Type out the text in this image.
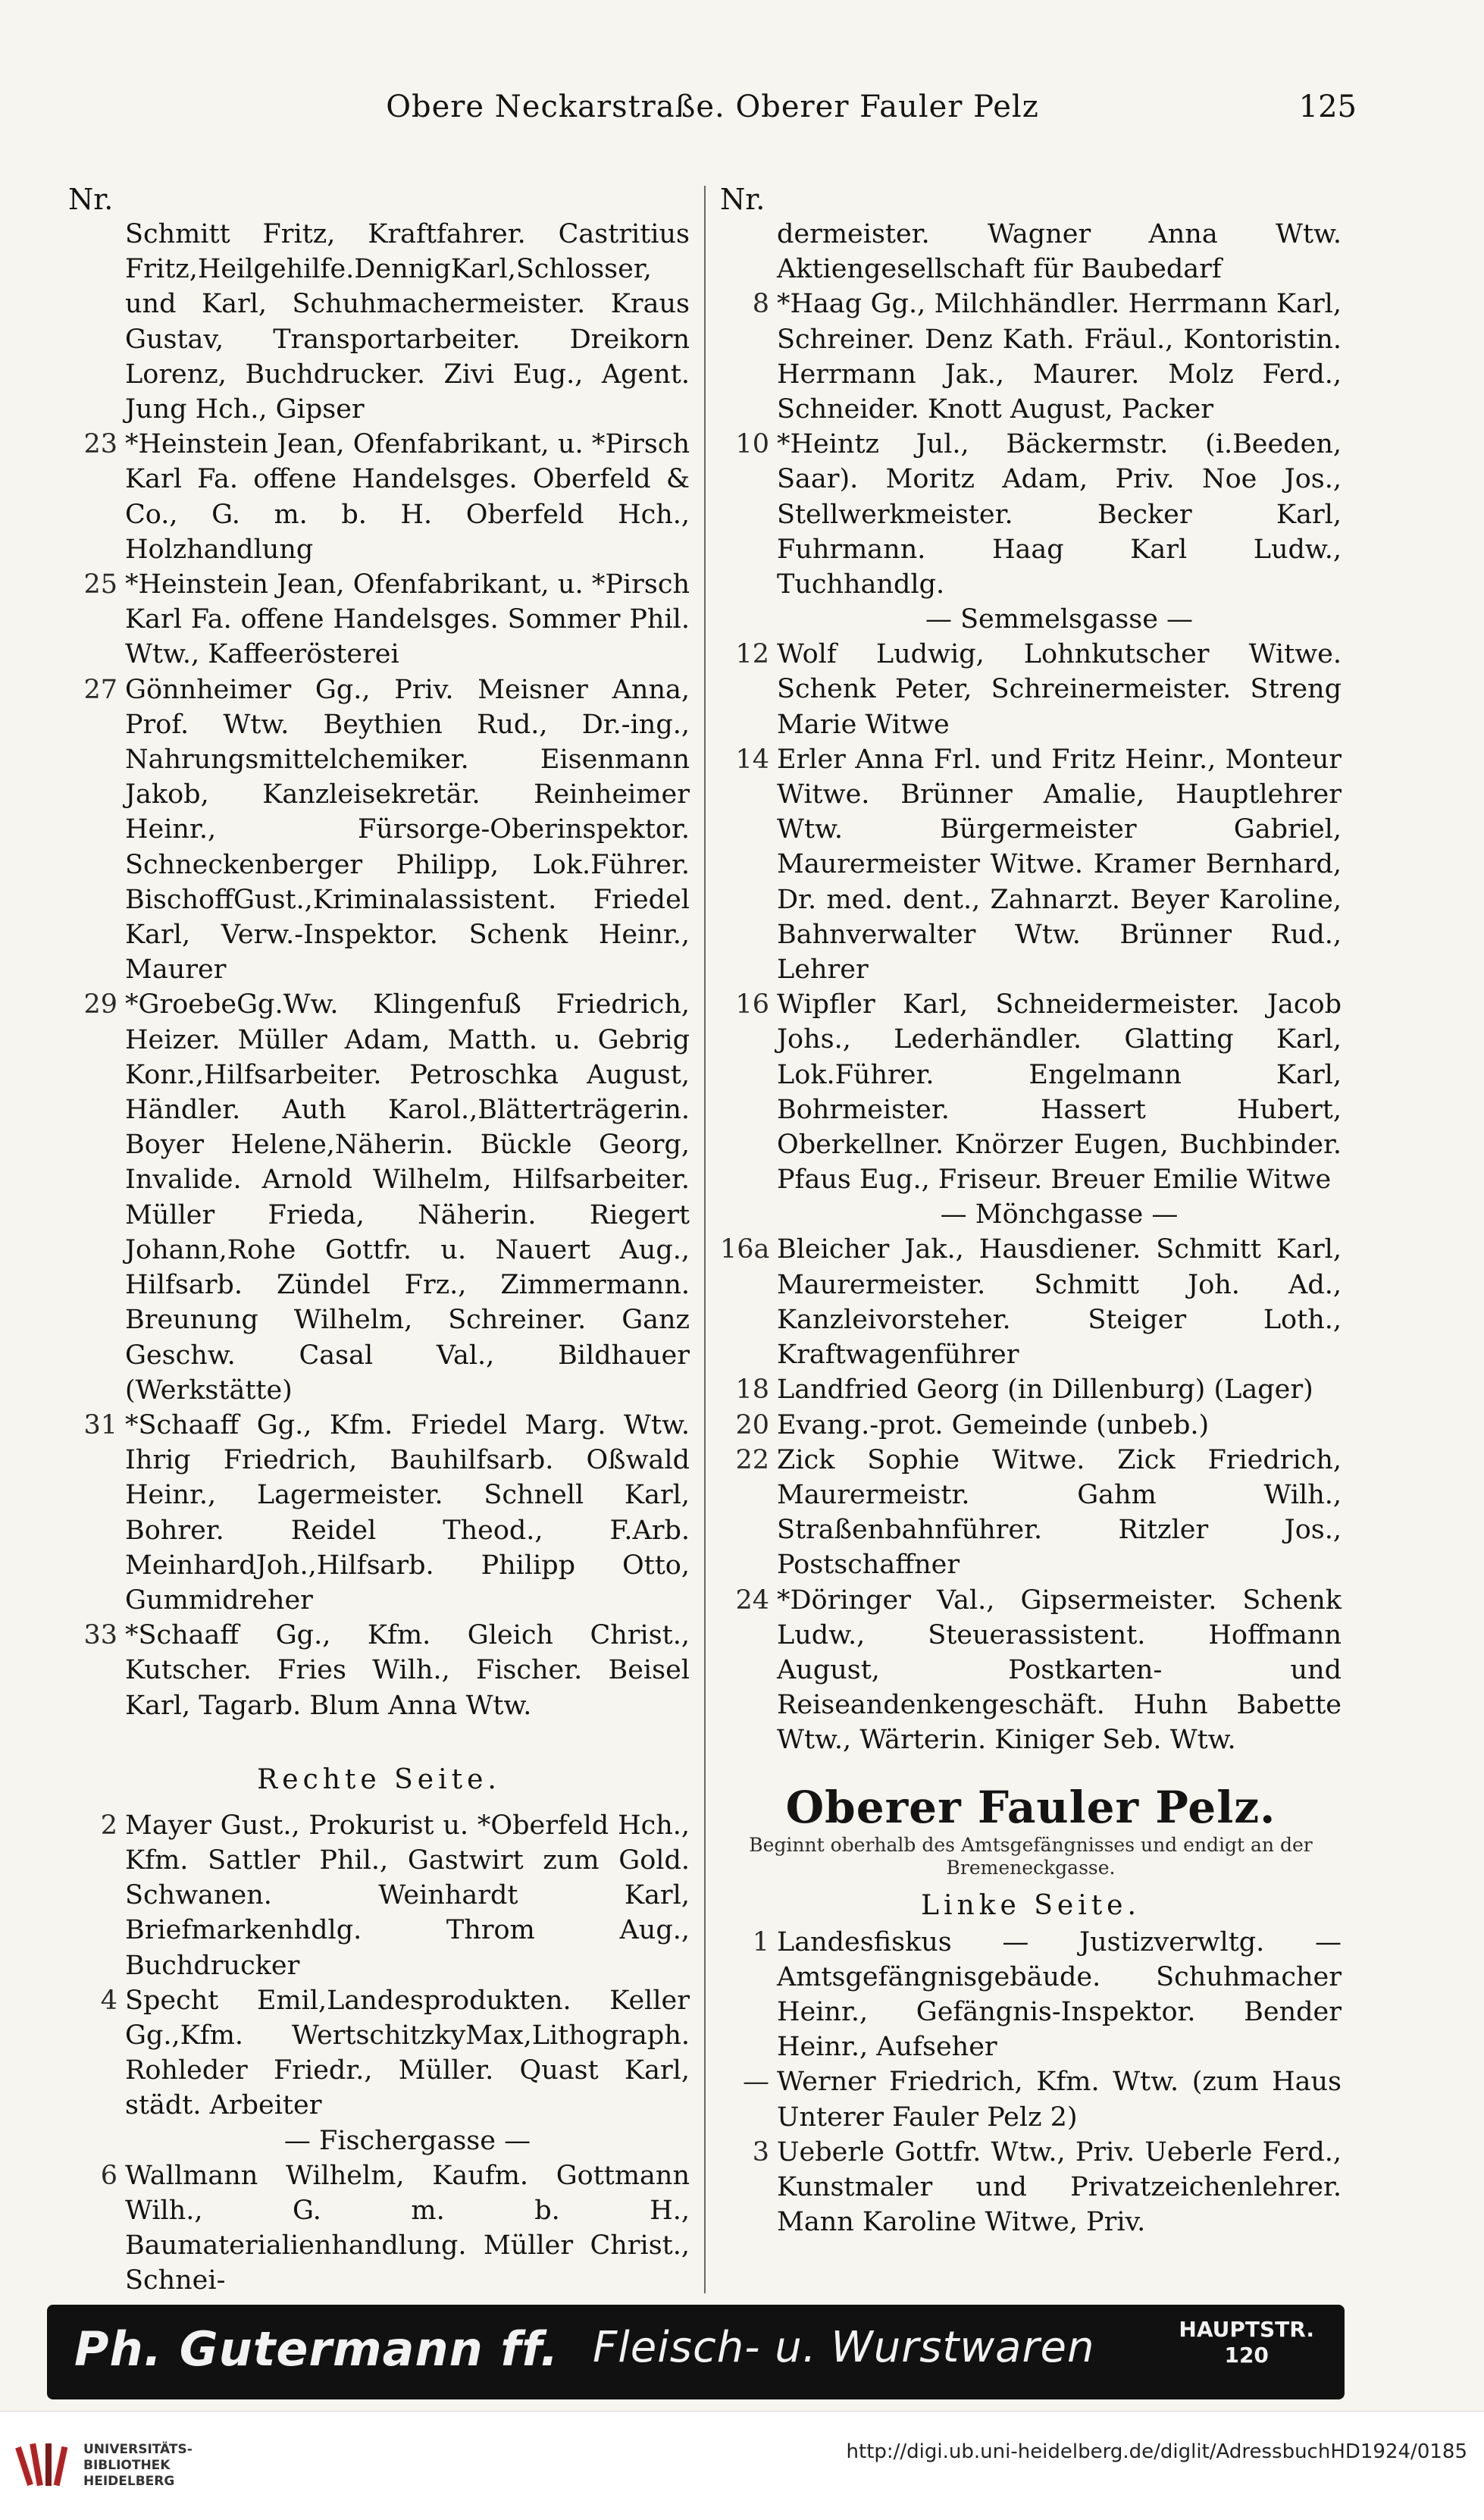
Obere Neckarstraße. Oberer Fauler Pelz	125
Nr.
Schmitt Fritz, Kraftfahrer. Castritius Fritz,Heilgehilfe.DennigKarl,Schlosser, und Karl, Schuhmachermeister. Kraus Gustav, Transportarbeiter. Dreikorn Lorenz, Buchdrucker. Zivi Eug., Agent. Jung Hch., Gipser
23 *Heinstein Jean, Ofenfabrikant, u. *Pirsch Karl Fa. offene Handelsges. Oberfeld & Co., G. m. b. H. Oberfeld Hch., Holzhandlung
25 *Heinstein Jean, Ofenfabrikant, u. *Pirsch Karl Fa. offene Handelsges. Sommer Phil. Wtw., Kaffeerösterei
27 Gönnheimer Gg., Priv. Meisner Anna, Prof. Wtw. Beythien Rud., Dr.-ing., Nahrungsmittelchemiker. Eisenmann Jakob, Kanzleisekretär. Reinheimer Heinr., Fürsorge-Oberinspektor. Schneckenberger Philipp, Lok.Führer. BischoffGust.,Kriminalassistent. Friedel Karl, Verw.-Inspektor. Schenk Heinr., Maurer
29 *GroebeGg.Ww. Klingenfuß Friedrich, Heizer. Müller Adam, Matth. u. Gebrig Konr.,Hilfsarbeiter. Petroschka August, Händler. Auth Karol.,Blätterträgerin. Boyer Helene,Näherin. Bückle Georg, Invalide. Arnold Wilhelm, Hilfsarbeiter. Müller Frieda, Näherin. Riegert Johann,Rohe Gottfr. u. Nauert Aug., Hilfsarb. Zündel Frz., Zimmermann. Breunung Wilhelm, Schreiner. Ganz Geschw. Casal Val., Bildhauer (Werkstätte)
31 *Schaaff Gg., Kfm. Friedel Marg. Wtw. Ihrig Friedrich, Bauhilfsarb. Oßwald Heinr., Lagermeister. Schnell Karl, Bohrer. Reidel Theod., F.Arb. MeinhardJoh.,Hilfsarb. Philipp Otto, Gummidreher
33 *Schaaff Gg., Kfm. Gleich Christ., Kutscher. Fries Wilh., Fischer. Beisel Karl, Tagarb. Blum Anna Wtw.
Rechte Seite.
2 Mayer Gust., Prokurist u. *Oberfeld Hch., Kfm. Sattler Phil., Gastwirt zum Gold. Schwanen. Weinhardt Karl, Briefmarkenhdlg. Throm Aug., Buchdrucker
4 Specht Emil,Landesprodukten. Keller Gg.,Kfm. WertschitzkyMax,Lithograph. Rohleder Friedr., Müller. Quast Karl, städt. Arbeiter
— Fischergasse —
6 Wallmann Wilhelm, Kaufm. Gottmann Wilh., G. m. b. H., Baumaterialienhandlung. Müller Christ., Schnei-
Nr.
dermeister. Wagner Anna Wtw. Aktiengesellschaft für Baubedarf
8 *Haag Gg., Milchhändler. Herrmann Karl, Schreiner. Denz Kath. Fräul., Kontoristin. Herrmann Jak., Maurer. Molz Ferd., Schneider. Knott August, Packer
10 *Heintz Jul., Bäckermstr. (i.Beeden, Saar). Moritz Adam, Priv. Noe Jos., Stellwerkmeister. Becker Karl, Fuhrmann. Haag Karl Ludw., Tuchhandlg.
— Semmelsgasse —
12 Wolf Ludwig, Lohnkutscher Witwe. Schenk Peter, Schreinermeister. Streng Marie Witwe
14 Erler Anna Frl. und Fritz Heinr., Monteur Witwe. Brünner Amalie, Hauptlehrer Wtw. Bürgermeister Gabriel, Maurermeister Witwe. Kramer Bernhard, Dr. med. dent., Zahnarzt. Beyer Karoline, Bahnverwalter Wtw. Brünner Rud., Lehrer
16 Wipfler Karl, Schneidermeister. Jacob Johs., Lederhändler. Glatting Karl, Lok.Führer. Engelmann Karl, Bohrmeister. Hassert Hubert, Oberkellner. Knörzer Eugen, Buchbinder. Pfaus Eug., Friseur. Breuer Emilie Witwe
— Mönchgasse —
16a Bleicher Jak., Hausdiener. Schmitt Karl, Maurermeister. Schmitt Joh. Ad., Kanzleivorsteher. Steiger Loth., Kraftwagenführer
18 Landfried Georg (in Dillenburg) (Lager)
20 Evang.-prot. Gemeinde (unbeb.)
22 Zick Sophie Witwe. Zick Friedrich, Maurermeistr. Gahm Wilh., Straßenbahnführer. Ritzler Jos., Postschaffner
24 *Döringer Val., Gipsermeister. Schenk Ludw., Steuerassistent. Hoffmann August, Postkarten- und Reiseandenkengeschäft. Huhn Babette Wtw., Wärterin. Kiniger Seb. Wtw.
Oberer Fauler Pelz.
Beginnt oberhalb des Amtsgefängnisses und endigt an der Bremeneckgasse.
Linke Seite.
1 Landesfiskus — Justizverwltg. — Amtsgefängnisgebäude. Schuhmacher Heinr., Gefängnis-Inspektor. Bender Heinr., Aufseher
— Werner Friedrich, Kfm. Wtw. (zum Haus Unterer Fauler Pelz 2)
3 Ueberle Gottfr. Wtw., Priv. Ueberle Ferd., Kunstmaler und Privatzeichenlehrer. Mann Karoline Witwe, Priv.
Ph. Gutermann ff. Fleisch- u. Wurstwaren	HAUPTSTR.
120
UNIVERSITÄTS-
BIBLIOTHEK
HEIDELBERG
http://digi.ub.uni-heidelberg.de/diglit/AdressbuchHD1924/0185
